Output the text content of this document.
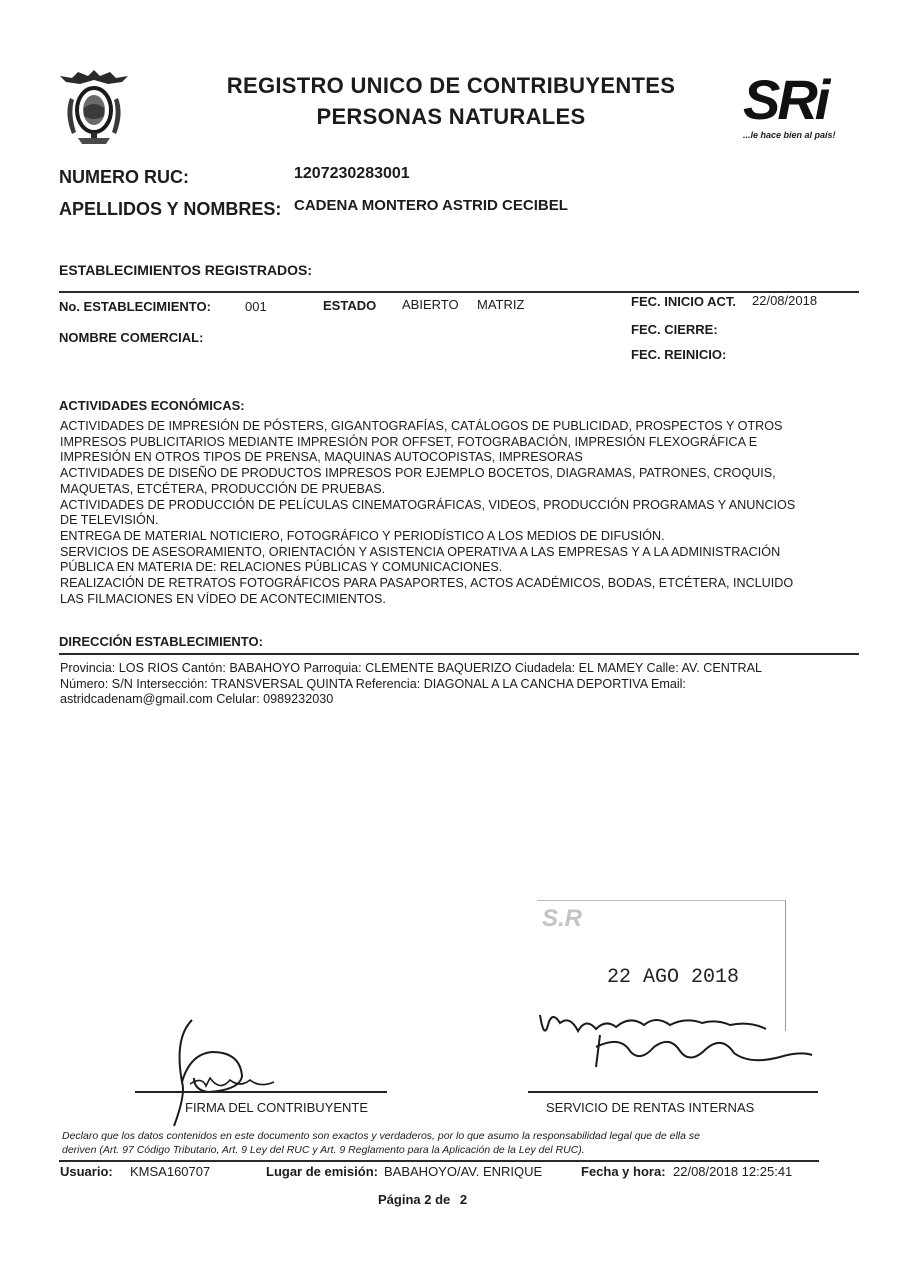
REGISTRO UNICO DE CONTRIBUYENTES
PERSONAS NATURALES	SRi
...le hace bien al país!
NUMERO RUC:	1207230283001
APELLIDOS Y NOMBRES: CADENA MONTERO ASTRID CECIBEL
ESTABLECIMIENTOS REGISTRADOS:
No. ESTABLECIMIENTO:	001	ESTADO ABIERTO MATRIZ	FEC. INICIO ACT. 22/08/2018
NOMBRE COMERCIAL:
FEC. CIERRE:
FEC. REINICIO:
ACTIVIDADES ECONÓMICAS:
ACTIVIDADES DE IMPRESIÓN DE PÓSTERS, GIGANTOGRAFÍAS, CATÁLOGOS DE PUBLICIDAD, PROSPECTOS Y OTROS
IMPRESOS PUBLICITARIOS MEDIANTE IMPRESIÓN POR OFFSET, FOTOGRABACIÓN, IMPRESIÓN FLEXOGRÁFICA E
IMPRESIÓN EN OTROS TIPOS DE PRENSA, MAQUINAS AUTOCOPISTAS, IMPRESORAS
ACTIVIDADES DE DISEÑO DE PRODUCTOS IMPRESOS POR EJEMPLO BOCETOS, DIAGRAMAS, PATRONES, CROQUIS,
MAQUETAS, ETCÉTERA, PRODUCCIÓN DE PRUEBAS.
ACTIVIDADES DE PRODUCCIÓN DE PELÍCULAS CINEMATOGRÁFICAS, VIDEOS, PRODUCCIÓN PROGRAMAS Y ANUNCIOS
DE TELEVISIÓN.
ENTREGA DE MATERIAL NOTICIERO, FOTOGRÁFICO Y PERIODÍSTICO A LOS MEDIOS DE DIFUSIÓN.
SERVICIOS DE ASESORAMIENTO, ORIENTACIÓN Y ASISTENCIA OPERATIVA A LAS EMPRESAS Y A LA ADMINISTRACIÓN
PÚBLICA EN MATERIA DE: RELACIONES PÚBLICAS Y COMUNICACIONES.
REALIZACIÓN DE RETRATOS FOTOGRÁFICOS PARA PASAPORTES, ACTOS ACADÉMICOS, BODAS, ETCÉTERA, INCLUIDO
LAS FILMACIONES EN VÍDEO DE ACONTECIMIENTOS.
DIRECCIÓN ESTABLECIMIENTO:
Provincia: LOS RIOS Cantón: BABAHOYO Parroquia: CLEMENTE BAQUERIZO Ciudadela: EL MAMEY Calle: AV. CENTRAL
Número: S/N Intersección: TRANSVERSAL QUINTA Referencia: DIAGONAL A LA CANCHA DEPORTIVA Email:
astridcadenam@gmail.com Celular: 0989232030
S.R
22 AGO 2018
FIRMA DEL CONTRIBUYENTE	SERVICIO DE RENTAS INTERNAS
Declaro que los datos contenidos en este documento son exactos y verdaderos, por lo que asumo la responsabilidad legal que de ella se
deriven (Art. 97 Código Tributario, Art. 9 Ley del RUC y Art. 9 Reglamento para la Aplicación de la Ley del RUC).
Usuario: KMSA160707	Lugar de emisión: BABAHOYO/AV. ENRIQUE	Fecha y hora: 22/08/2018 12:25:41
Página 2 de 2
